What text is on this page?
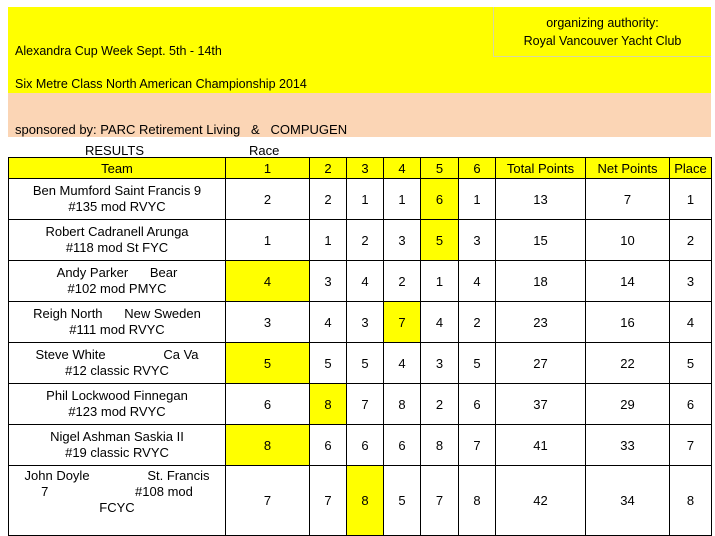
organizing authority:
Royal Vancouver Yacht Club
Alexandra Cup Week Sept. 5th - 14th
Six Metre Class North American Championship 2014
sponsored by: PARC Retirement Living   &   COMPUGEN
RESULTS	Race
Team	1	2	3	4	5	6	Total Points	Net Points	Place

Ben Mumford Saint Francis 9
#135 mod RVYC	2	2	1	1	6	1	13	7	1

Robert Cadranell Arunga
#118 mod St FYC	1	1	2	3	5	3	15	10	2

Andy Parker      Bear
#102 mod PMYC	4	3	4	2	1	4	18	14	3

Reigh North      New Sweden
#111 mod RVYC	3	4	3	7	4	2	23	16	4

Steve White                Ca Va
#12 classic RVYC	5	5	5	4	3	5	27	22	5

Phil Lockwood Finnegan
#123 mod RVYC	6	8	7	8	2	6	37	29	6

Nigel Ashman Saskia II
#19 classic RVYC	8	6	6	6	8	7	41	33	7

John Doyle                St. Francis
7                        #108 mod
FCYC	7	7	8	5	7	8	42	34	8
